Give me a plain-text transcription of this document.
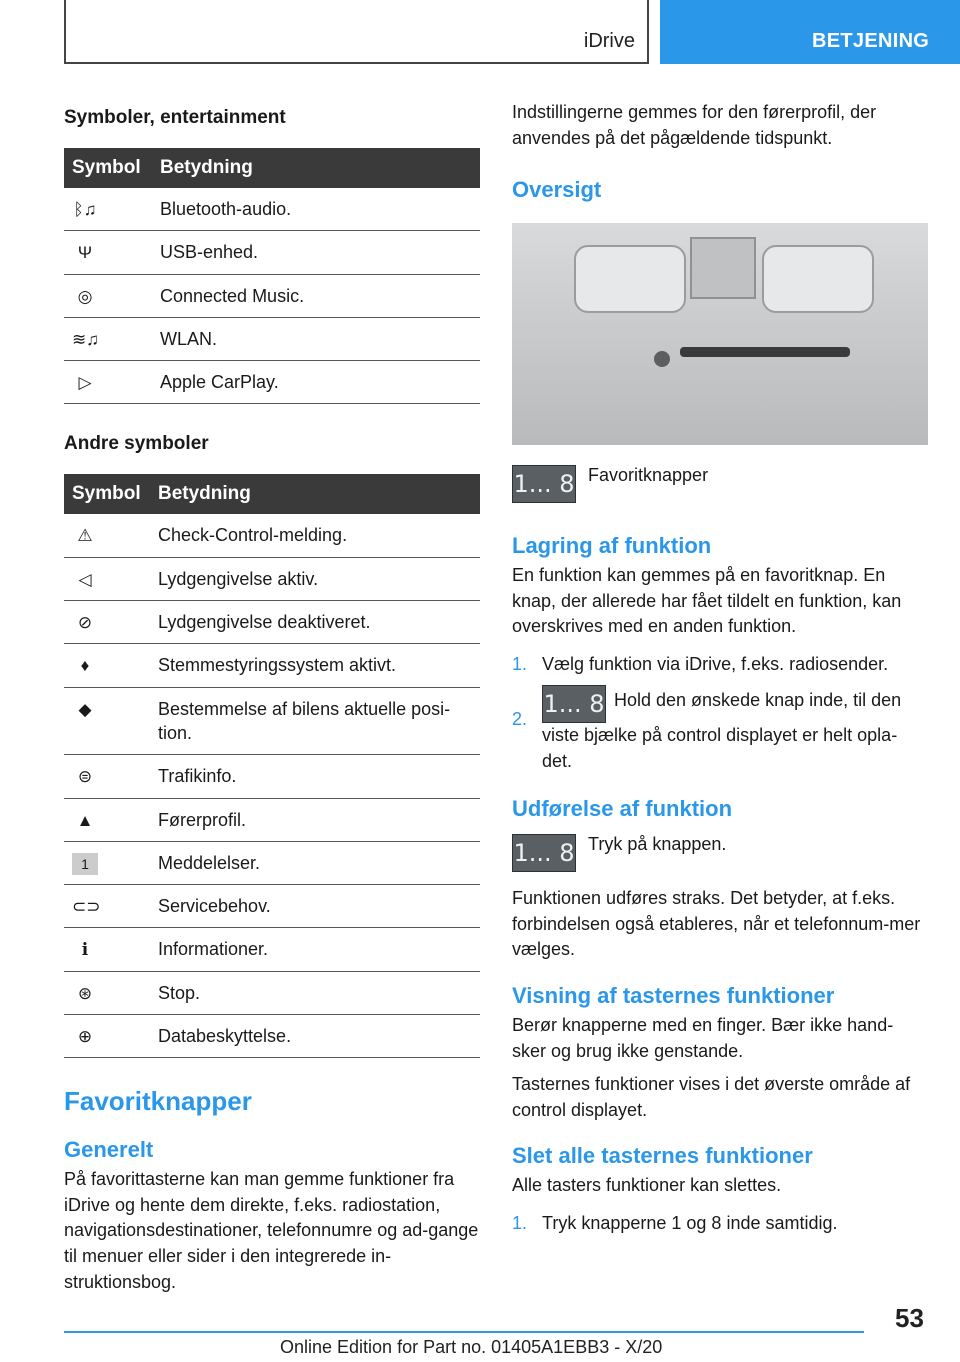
iDrive	BETJENING

Symboler, entertainment

Symbol	Betydning
ᛒ♫	Bluetooth-audio.
Ψ	USB-enhed.
◎	Connected Music.
≋♫	WLAN.
▷	Apple CarPlay.

Andre symboler

Symbol	Betydning
⚠	Check-Control-melding.
◁	Lydgengivelse aktiv.
⊘	Lydgengivelse deaktiveret.
♦	Stemmestyringssystem aktivt.
◆	Bestemmelse af bilens aktuelle posi-tion.
⊜	Trafikinfo.
▲	Førerprofil.
1	Meddelelser.
⊂⊃	Servicebehov.
i	Informationer.
⊛	Stop.
⊕	Databeskyttelse.

Favoritknapper

Generelt

På favorittasterne kan man gemme funktioner fra iDrive og hente dem direkte, f.eks. radiostation, navigationsdestinationer, telefonnumre og ad-gange til menuer eller sider i den integrerede in-struktionsbog.

Indstillingerne gemmes for den førerprofil, der anvendes på det pågældende tidspunkt.

Oversigt

1... 8 Favoritknapper

Lagring af funktion

En funktion kan gemmes på en favoritknap. En knap, der allerede har fået tildelt en funktion, kan overskrives med en anden funktion.

1. Vælg funktion via iDrive, f.eks. radiosender.
2.
1... 8 Hold den ønskede knap inde, til den viste bjælke på control displayet er helt opla-det.

Udførelse af funktion

1... 8 Tryk på knappen.

Funktionen udføres straks. Det betyder, at f.eks. forbindelsen også etableres, når et telefonnum-mer vælges.

Visning af tasternes funktioner

Berør knapperne med en finger. Bær ikke hand-sker og brug ikke genstande.

Tasternes funktioner vises i det øverste område af control displayet.

Slet alle tasternes funktioner

Alle tasters funktioner kan slettes.

1. Tryk knapperne 1 og 8 inde samtidig.
53
Online Edition for Part no. 01405A1EBB3 - X/20
